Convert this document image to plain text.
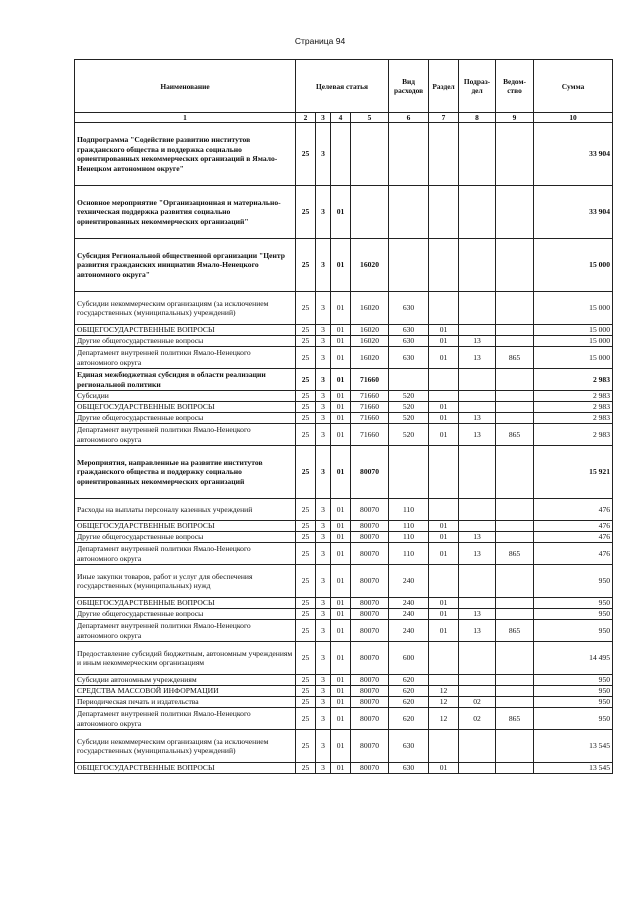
Страница 94
Наименование	Целевая статья				Вид расходов	Раздел	Подраз-дел	Ведом-ство	Сумма
1	2	3	4	5	6	7	8	9	10
Подпрограмма "Содействие развитию институтов гражданского общества и поддержка социально ориентированных некоммерческих организаций в Ямало-Ненецком автономном округе"	25	3							33 904
Основное мероприятие "Организационная и материально-техническая поддержка развития социально ориентированных некоммерческих организаций"	25	3	01						33 904
Субсидия Региональной общественной организации "Центр развития гражданских инициатив Ямало-Ненецкого автономного округа"	25	3	01	16020					15 000
Субсидии некоммерческим организациям (за исключением государственных (муниципальных) учреждений)	25	3	01	16020	630				15 000
ОБЩЕГОСУДАРСТВЕННЫЕ ВОПРОСЫ	25	3	01	16020	630	01			15 000
Другие общегосударственные вопросы	25	3	01	16020	630	01	13		15 000
Департамент внутренней политики Ямало-Ненецкого автономного округа	25	3	01	16020	630	01	13	865	15 000
Единая межбюджетная субсидия в области реализации региональной политики	25	3	01	71660					2 983
Субсидии	25	3	01	71660	520				2 983
ОБЩЕГОСУДАРСТВЕННЫЕ ВОПРОСЫ	25	3	01	71660	520	01			2 983
Другие общегосударственные вопросы	25	3	01	71660	520	01	13		2 983
Департамент внутренней политики Ямало-Ненецкого автономного округа	25	3	01	71660	520	01	13	865	2 983
Мероприятия, направленные на развитие институтов гражданского общества и поддержку социально ориентированных некоммерческих организаций	25	3	01	80070					15 921
Расходы на выплаты персоналу казенных учреждений	25	3	01	80070	110				476
ОБЩЕГОСУДАРСТВЕННЫЕ ВОПРОСЫ	25	3	01	80070	110	01			476
Другие общегосударственные вопросы	25	3	01	80070	110	01	13		476
Департамент внутренней политики Ямало-Ненецкого автономного округа	25	3	01	80070	110	01	13	865	476
Иные закупки товаров, работ и услуг для обеспечения государственных (муниципальных) нужд	25	3	01	80070	240				950
ОБЩЕГОСУДАРСТВЕННЫЕ ВОПРОСЫ	25	3	01	80070	240	01			950
Другие общегосударственные вопросы	25	3	01	80070	240	01	13		950
Департамент внутренней политики Ямало-Ненецкого автономного округа	25	3	01	80070	240	01	13	865	950
Предоставление субсидий бюджетным, автономным учреждениям и иным некоммерческим организациям	25	3	01	80070	600				14 495
Субсидии автономным учреждениям	25	3	01	80070	620				950
СРЕДСТВА МАССОВОЙ ИНФОРМАЦИИ	25	3	01	80070	620	12			950
Периодическая печать и издательства	25	3	01	80070	620	12	02		950
Департамент внутренней политики Ямало-Ненецкого автономного округа	25	3	01	80070	620	12	02	865	950
Субсидии некоммерческим организациям (за исключением государственных (муниципальных) учреждений)	25	3	01	80070	630				13 545
ОБЩЕГОСУДАРСТВЕННЫЕ ВОПРОСЫ	25	3	01	80070	630	01			13 545
